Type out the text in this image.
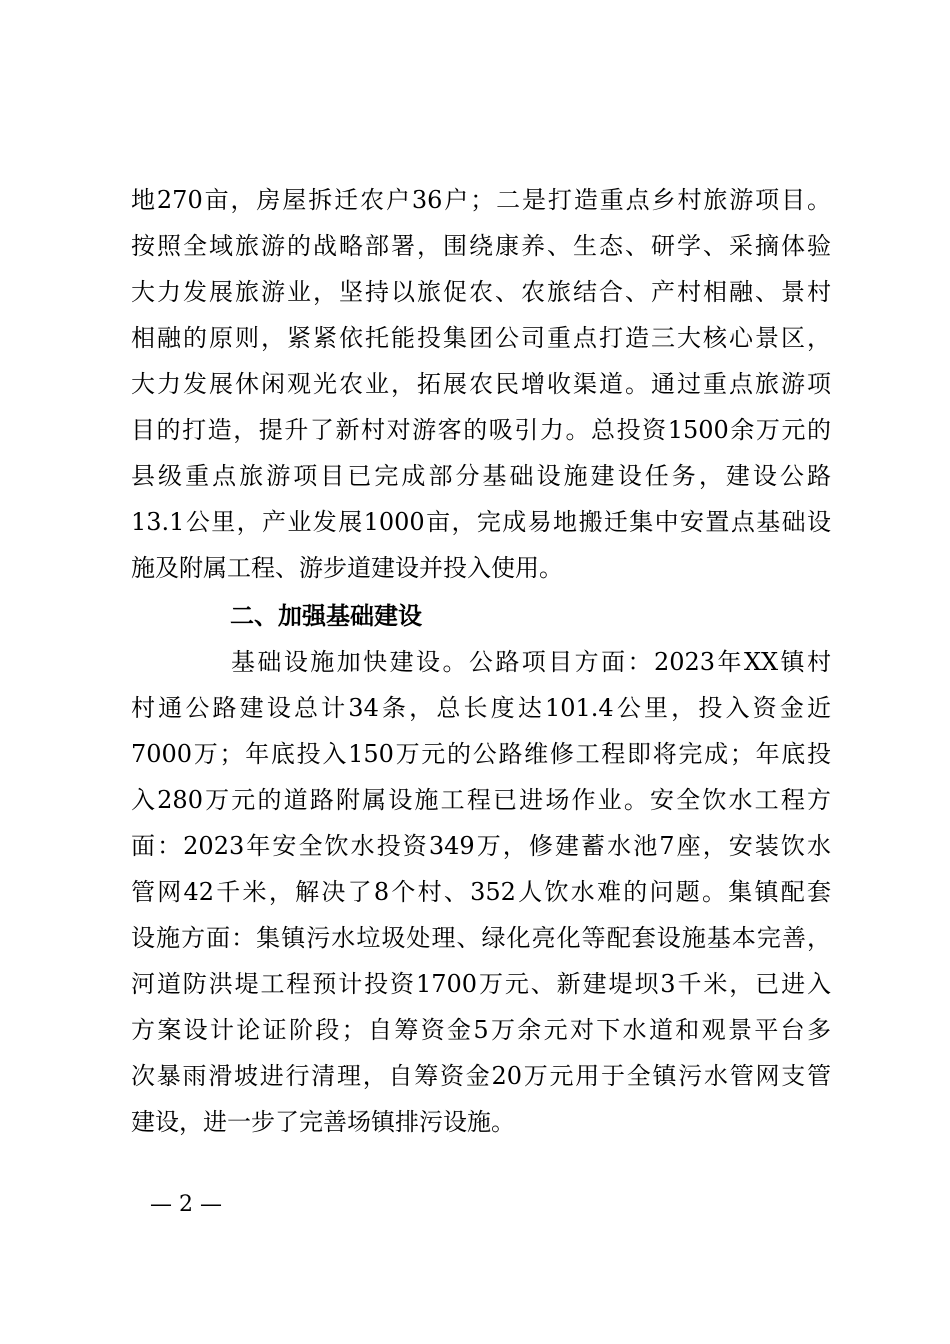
地270亩，房屋拆迁农户36户；二是打造重点乡村旅游项目。
按照全域旅游的战略部署，围绕康养、生态、研学、采摘体验
大力发展旅游业，坚持以旅促农、农旅结合、产村相融、景村
相融的原则，紧紧依托能投集团公司重点打造三大核心景区，
大力发展休闲观光农业，拓展农民增收渠道。通过重点旅游项
目的打造，提升了新村对游客的吸引力。总投资1500余万元的
县级重点旅游项目已完成部分基础设施建设任务，建设公路
13.1公里，产业发展1000亩，完成易地搬迁集中安置点基础设
施及附属工程、游步道建设并投入使用。
二、加强基础建设
基础设施加快建设。公路项目方面：2023年XX镇村
村通公路建设总计34条，总长度达101.4公里，投入资金近
7000万；年底投入150万元的公路维修工程即将完成；年底投
入280万元的道路附属设施工程已进场作业。安全饮水工程方
面：2023年安全饮水投资349万，修建蓄水池7座，安装饮水
管网42千米，解决了8个村、352人饮水难的问题。集镇配套
设施方面：集镇污水垃圾处理、绿化亮化等配套设施基本完善，
河道防洪堤工程预计投资1700万元、新建堤坝3千米，已进入
方案设计论证阶段；自筹资金5万余元对下水道和观景平台多
次暴雨滑坡进行清理，自筹资金20万元用于全镇污水管网支管
建设，进一步了完善场镇排污设施。
— 2 —
